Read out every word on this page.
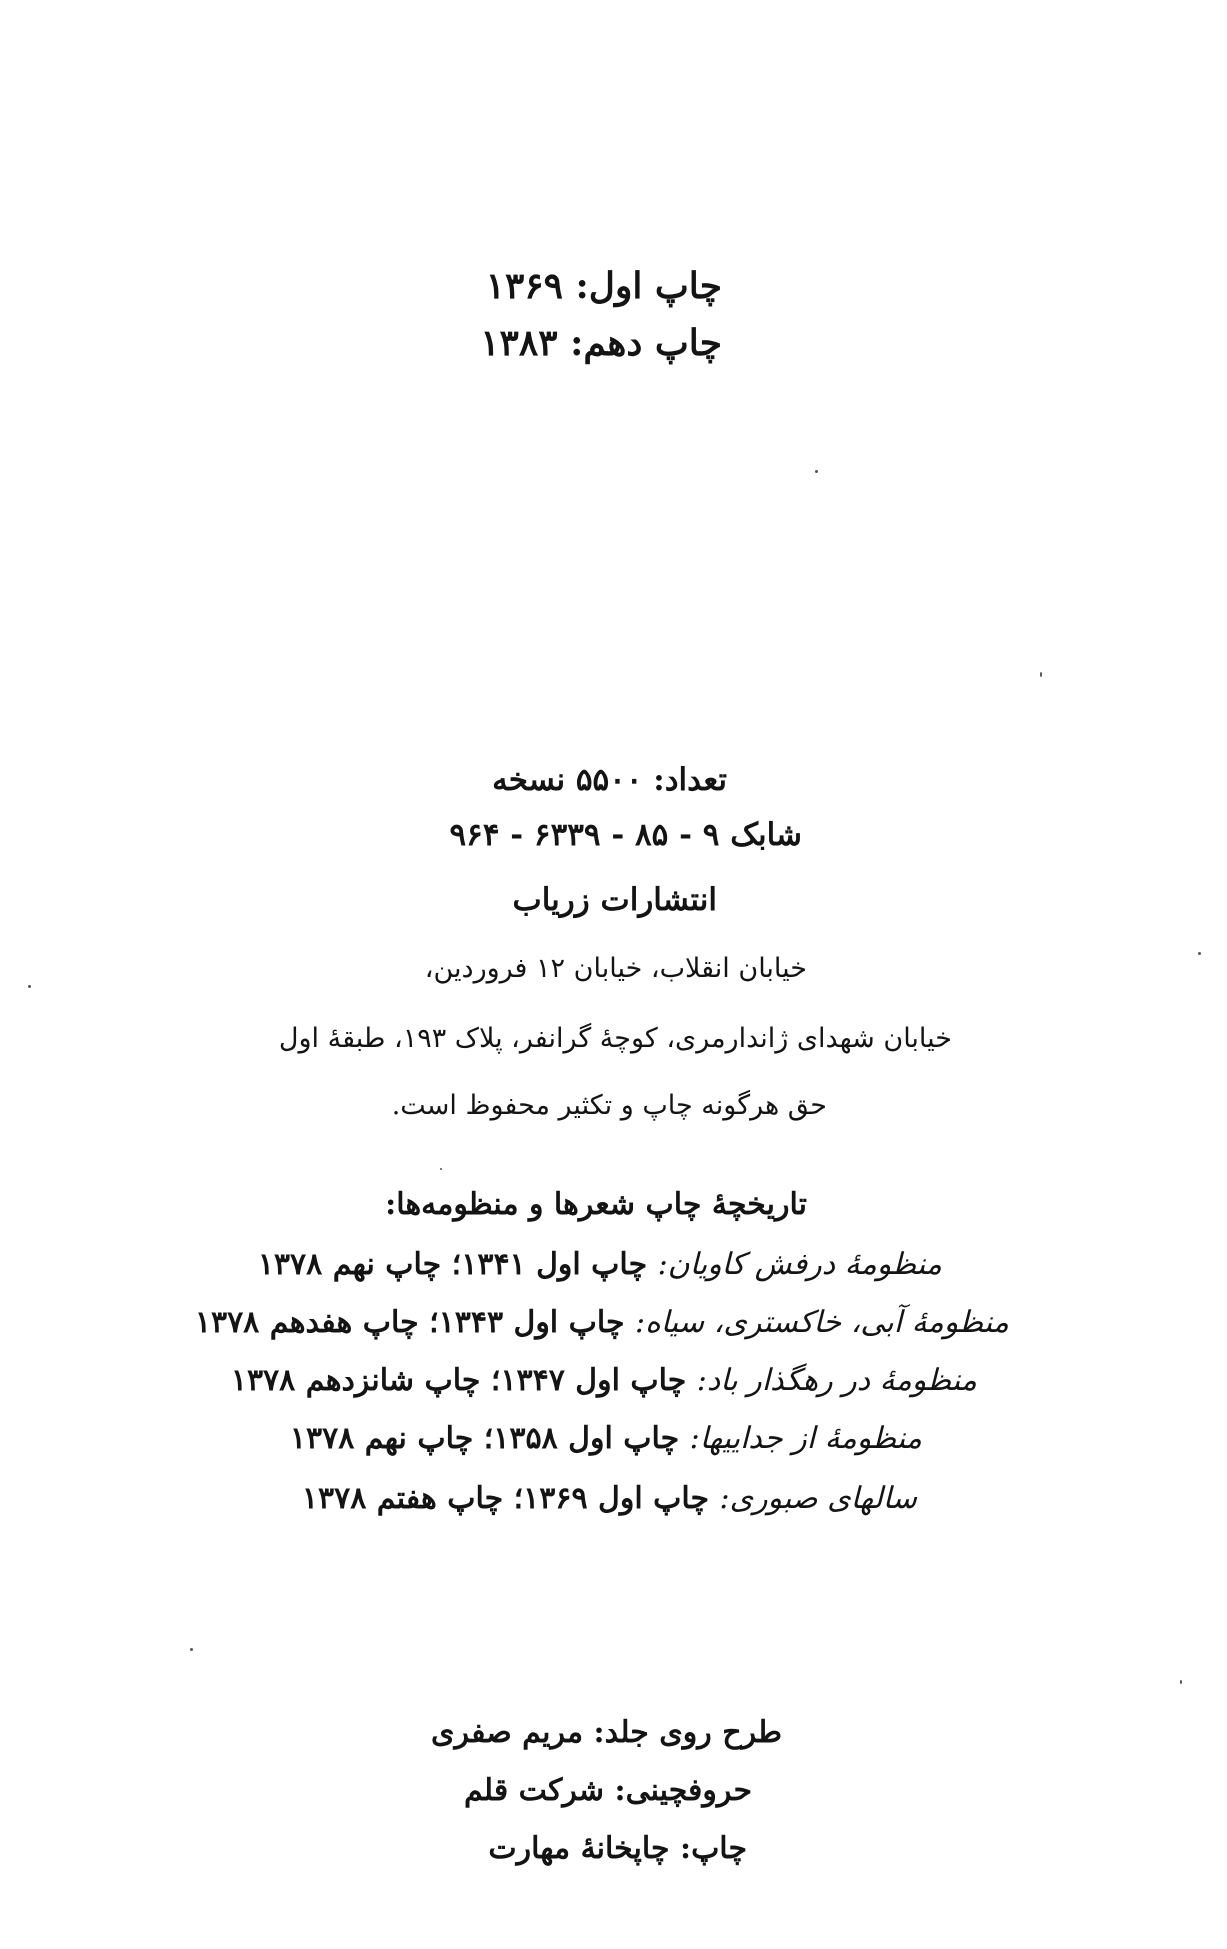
چاپ اول: ۱۳۶۹
چاپ دهم: ۱۳۸۳
تعداد: ۵۵۰۰ نسخه
شابک ۹ - ۸۵ - ۶۳۳۹ - ۹۶۴
انتشارات زریاب
خیابان انقلاب، خیابان ۱۲ فروردین،
خیابان شهدای ژاندارمری، کوچهٔ گرانفر، پلاک ۱۹۳، طبقهٔ اول
حق هرگونه چاپ و تکثیر محفوظ است.
تاریخچهٔ چاپ شعرها و منظومه‌ها:
منظومهٔ درفش کاویان: چاپ اول ۱۳۴۱؛ چاپ نهم ۱۳۷۸
منظومهٔ آبی، خاکستری، سیاه: چاپ اول ۱۳۴۳؛ چاپ هفدهم ۱۳۷۸
منظومهٔ در رهگذار باد: چاپ اول ۱۳۴۷؛ چاپ شانزدهم ۱۳۷۸
منظومهٔ از جداییها: چاپ اول ۱۳۵۸؛ چاپ نهم ۱۳۷۸
سالهای صبوری: چاپ اول ۱۳۶۹؛ چاپ هفتم ۱۳۷۸
طرح روی جلد: مریم صفری
حروفچینی: شرکت قلم
چاپ: چاپخانهٔ مهارت
